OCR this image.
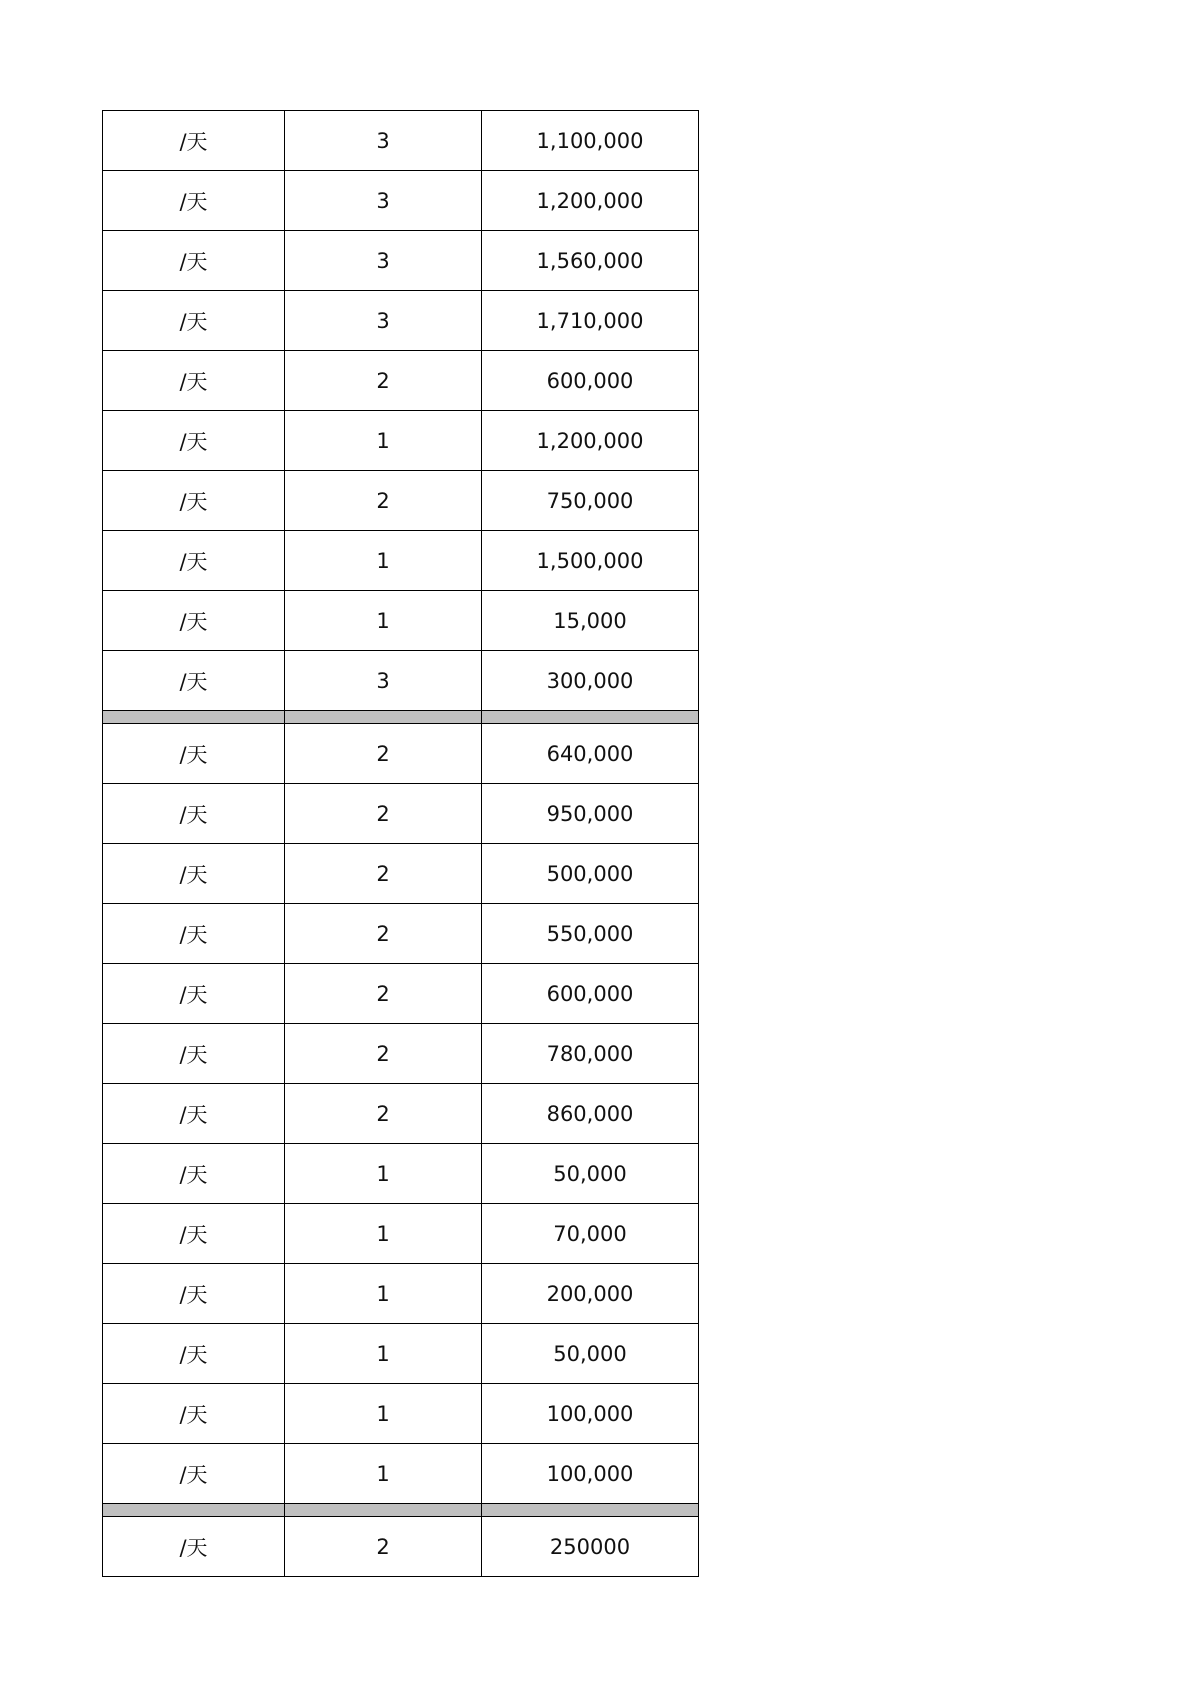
/天	3	1,100,000
/天	3	1,200,000
/天	3	1,560,000
/天	3	1,710,000
/天	2	600,000
/天	1	1,200,000
/天	2	750,000
/天	1	1,500,000
/天	1	15,000
/天	3	300,000

/天	2	640,000
/天	2	950,000
/天	2	500,000
/天	2	550,000
/天	2	600,000
/天	2	780,000
/天	2	860,000
/天	1	50,000
/天	1	70,000
/天	1	200,000
/天	1	50,000
/天	1	100,000
/天	1	100,000

/天	2	250000
